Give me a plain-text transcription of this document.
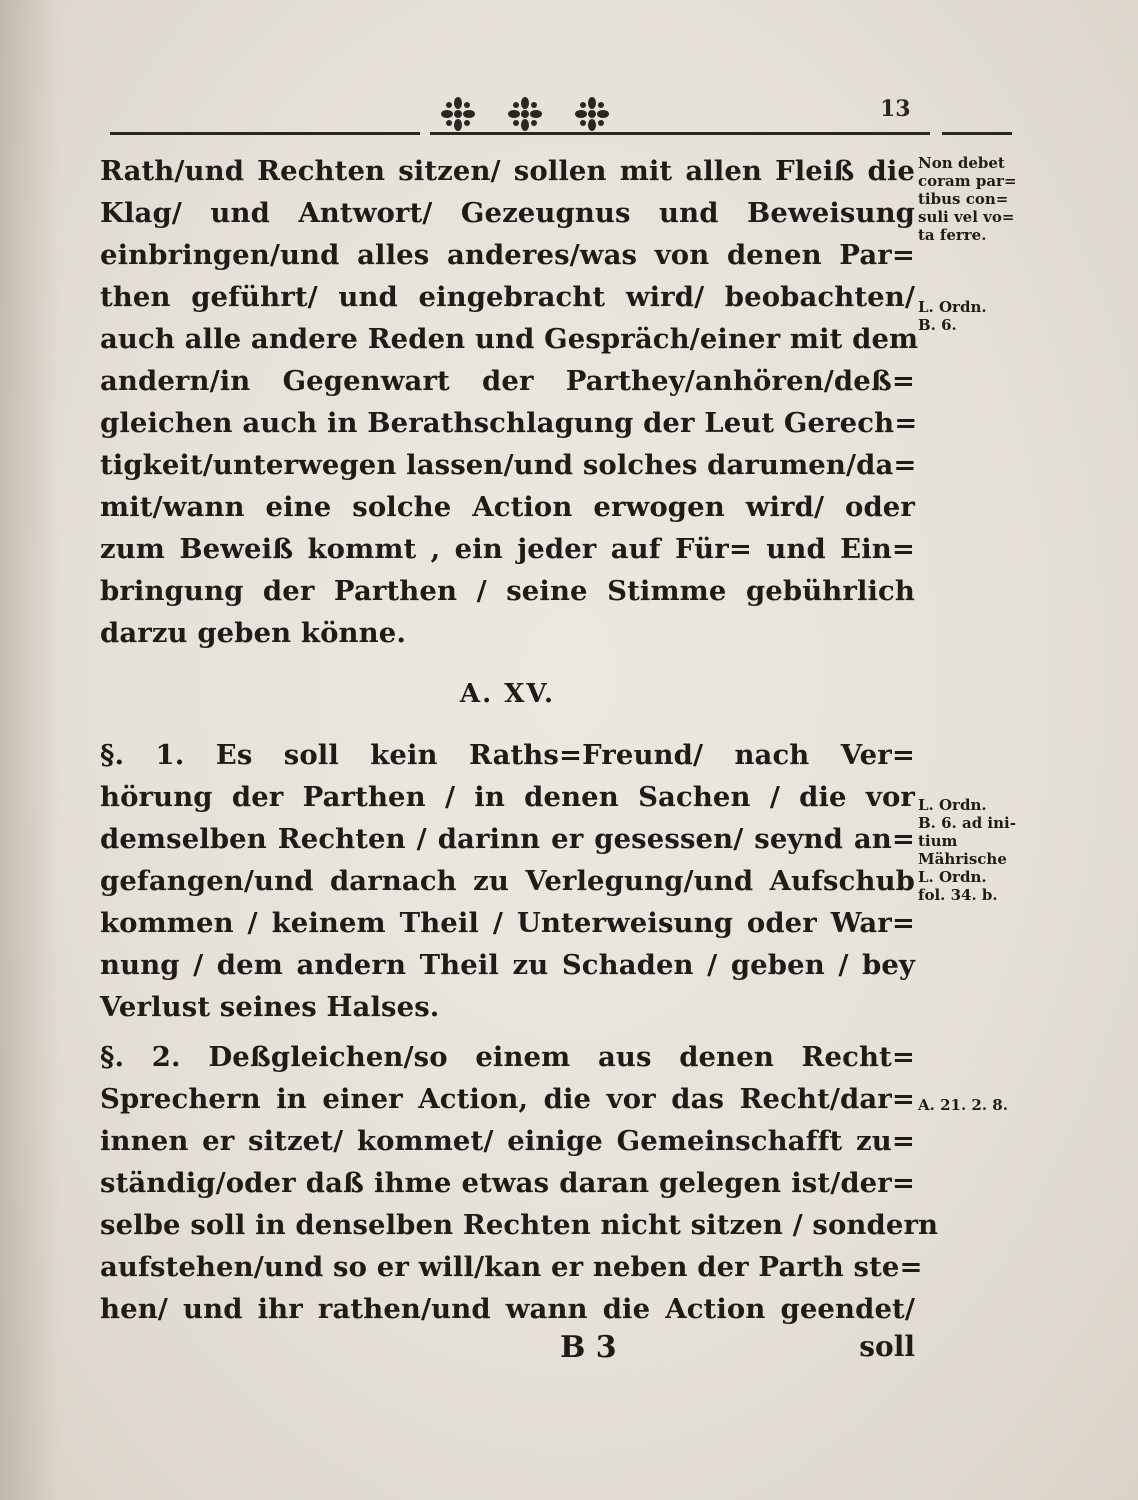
13
Rath/und Rechten sitzen/ sollen mit allen Fleiß die
Klag/ und Antwort/ Gezeugnus und Beweisung
einbringen/und alles anderes/was von denen Par=
then geführt/ und eingebracht wird/ beobachten/
auch alle andere Reden und Gespräch/einer mit dem
andern/in Gegenwart der Parthey/anhören/deß=
gleichen auch in Berathschlagung der Leut Gerech=
tigkeit/unterwegen lassen/und solches darumen/da=
mit/wann eine solche Action erwogen wird/ oder
zum Beweiß kommt , ein jeder auf Für= und Ein=
bringung der Parthen / seine Stimme gebührlich
darzu geben könne.
A. XV.
§. 1. Es soll kein Raths=Freund/ nach Ver=
hörung der Parthen / in denen Sachen / die vor
demselben Rechten / darinn er gesessen/ seynd an=
gefangen/und darnach zu Verlegung/und Aufschub
kommen / keinem Theil / Unterweisung oder War=
nung / dem andern Theil zu Schaden / geben / bey
Verlust seines Halses.
§. 2. Deßgleichen/so einem aus denen Recht=
Sprechern in einer Action, die vor das Recht/dar=
innen er sitzet/ kommet/ einige Gemeinschafft zu=
ständig/oder daß ihme etwas daran gelegen ist/der=
selbe soll in denselben Rechten nicht sitzen / sondern
aufstehen/und so er will/kan er neben der Parth ste=
hen/ und ihr rathen/und wann die Action geendet/
B 3	soll
Non debet
coram par=
tibus con=
suli vel vo=
ta ferre.
L. Ordn.
B. 6.
L. Ordn.
B. 6. ad ini-
tium
Mährische
L. Ordn.
fol. 34. b.
A. 21. 2. 8.
